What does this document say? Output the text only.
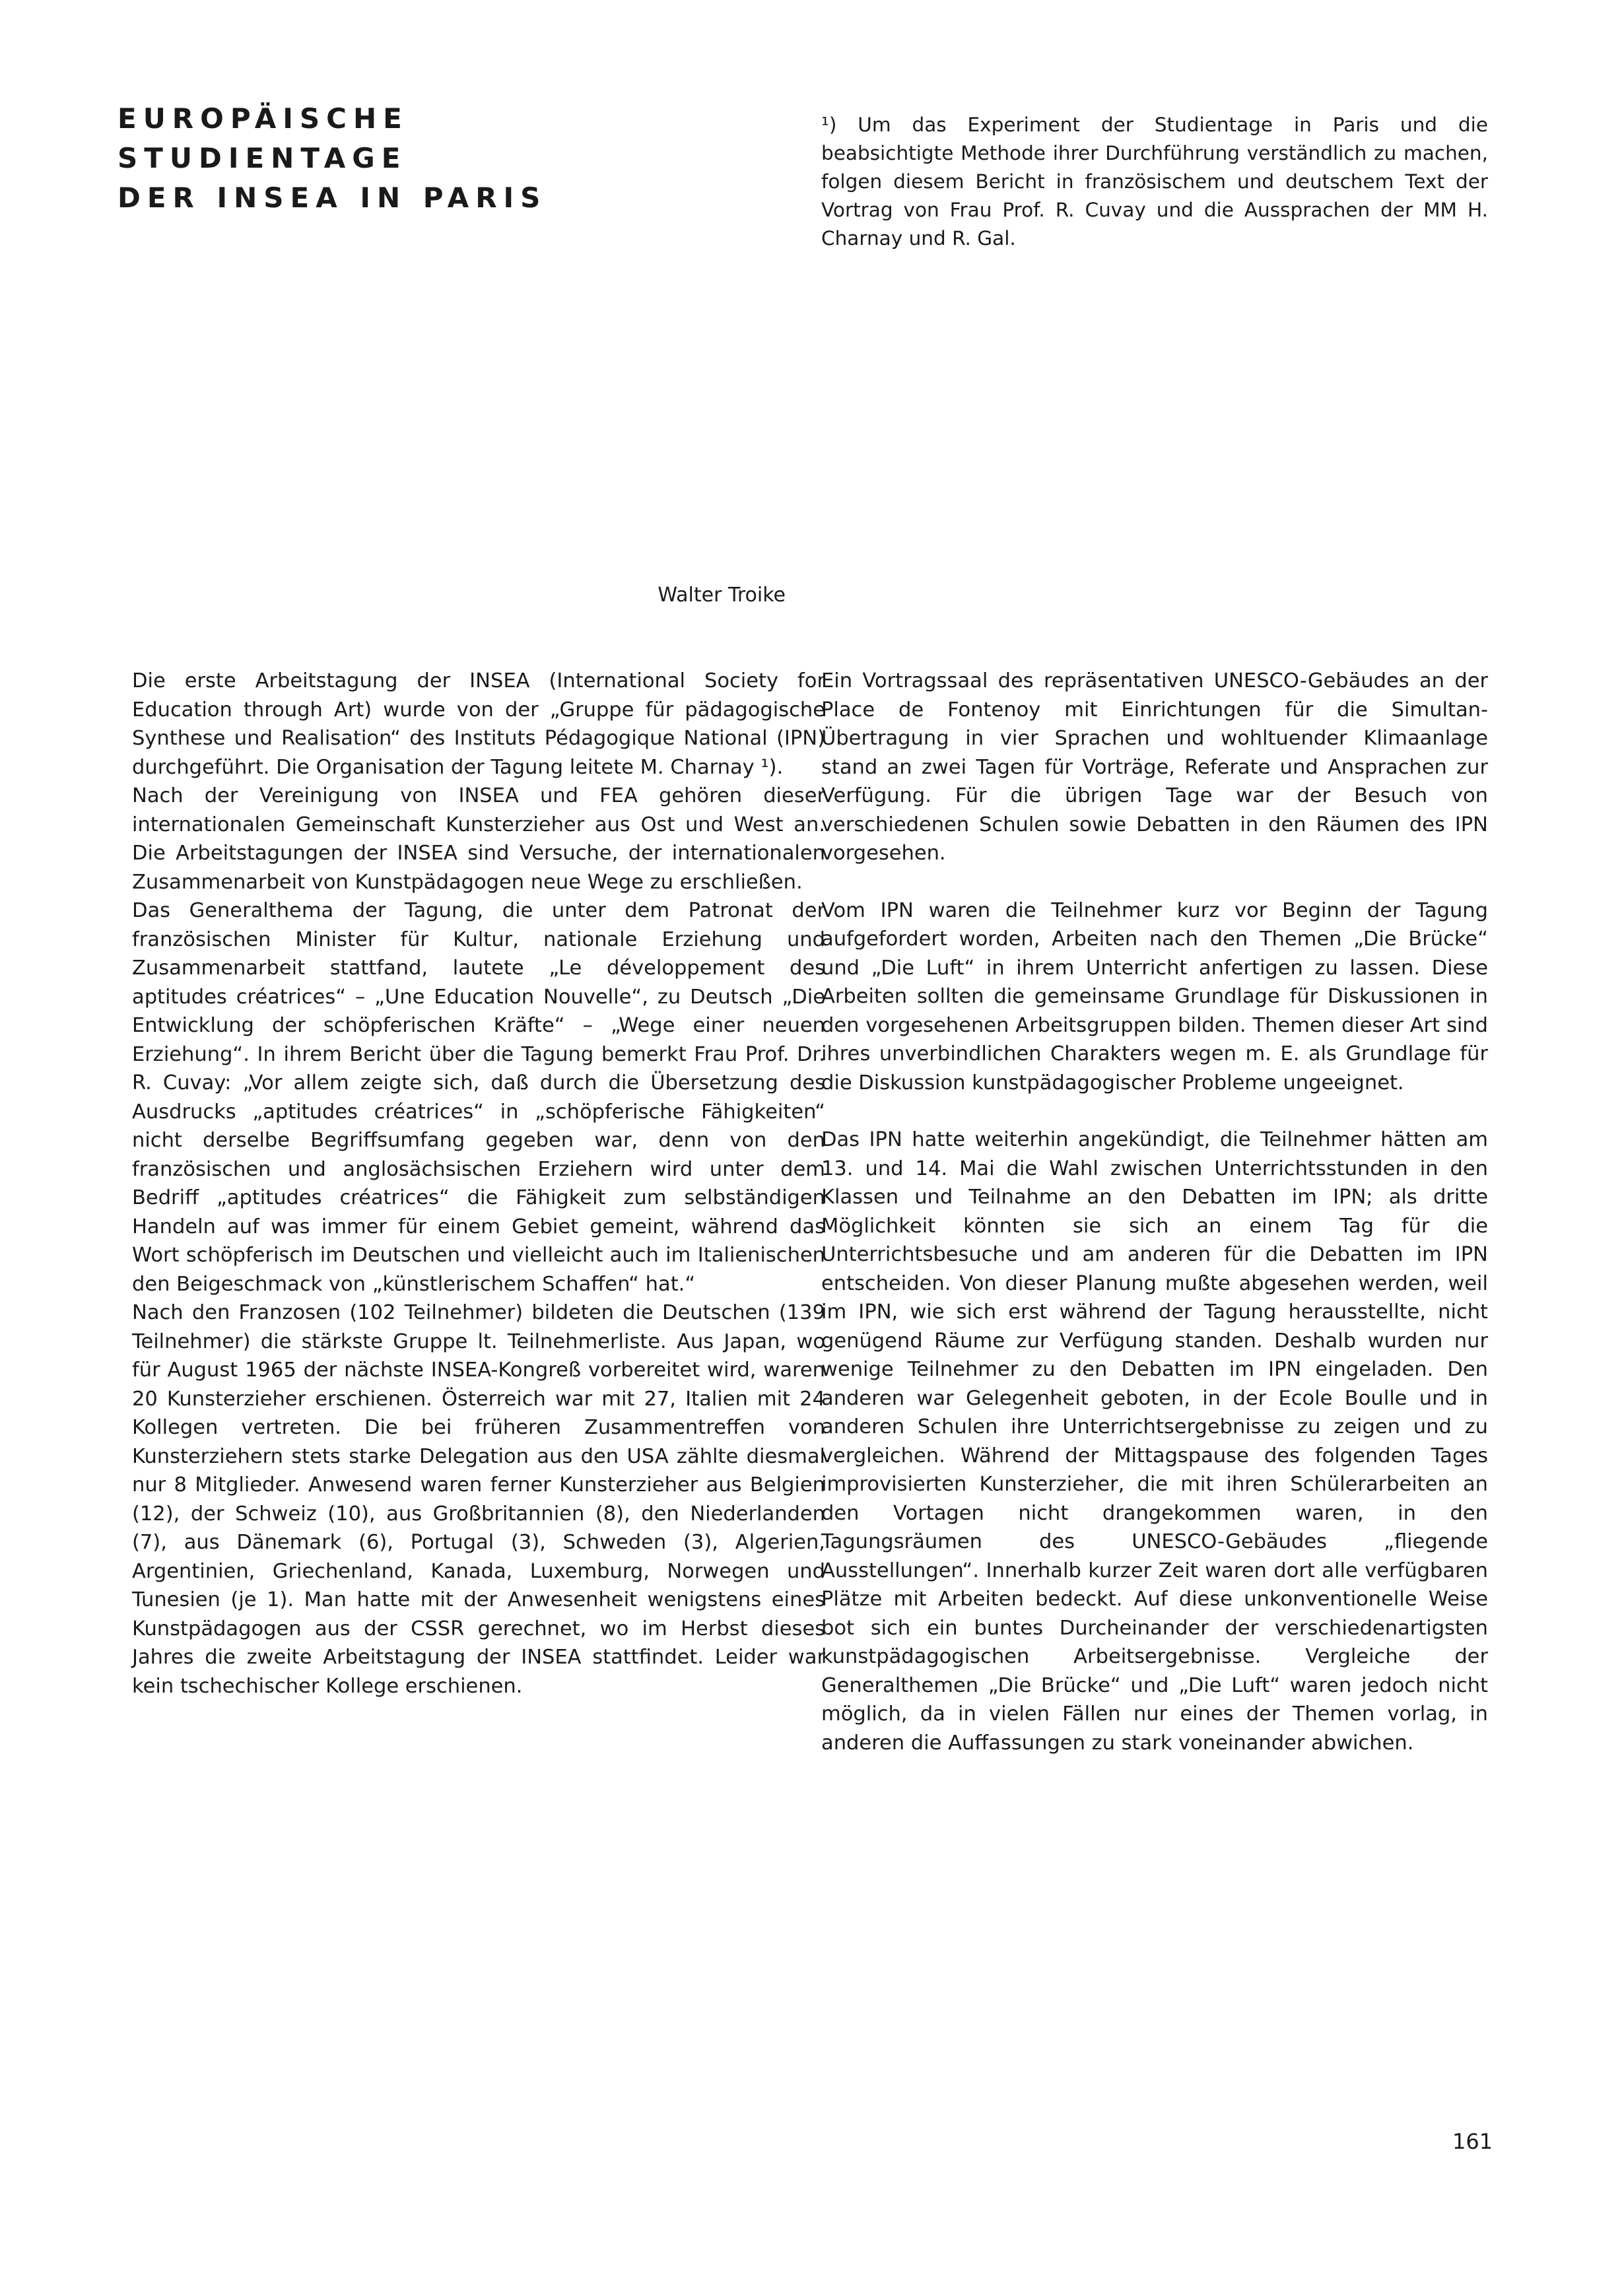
EUROPÄISCHE STUDIENTAGE
DER INSEA IN PARIS

¹) Um das Experiment der Studientage in Paris und die beabsichtigte Methode ihrer Durchführung verständlich zu machen, folgen diesem Bericht in französischem und deutschem Text der Vortrag von Frau Prof. R. Cuvay und die Aussprachen der MM H. Charnay und R. Gal.

Walter Troike

Die erste Arbeitstagung der INSEA (International Society for Education through Art) wurde von der „Gruppe für pädagogische Synthese und Realisation“ des Instituts Pédagogique National (IPN) durchgeführt. Die Organisation der Tagung leitete M. Charnay ¹).

Nach der Vereinigung von INSEA und FEA gehören dieser internationalen Gemeinschaft Kunsterzieher aus Ost und West an. Die Arbeitstagungen der INSEA sind Versuche, der internationalen Zusammenarbeit von Kunstpädagogen neue Wege zu erschließen.

Das Generalthema der Tagung, die unter dem Patronat der französischen Minister für Kultur, nationale Erziehung und Zusammenarbeit stattfand, lautete „Le développement des aptitudes créatrices“ – „Une Education Nouvelle“, zu Deutsch „Die Entwicklung der schöpferischen Kräfte“ – „Wege einer neuen Erziehung“. In ihrem Bericht über die Tagung bemerkt Frau Prof. Dr. R. Cuvay: „Vor allem zeigte sich, daß durch die Übersetzung des Ausdrucks „aptitudes créatrices“ in „schöpferische Fähigkeiten“ nicht derselbe Begriffsumfang gegeben war, denn von den französischen und anglosächsischen Erziehern wird unter dem Bedriff „aptitudes créatrices“ die Fähigkeit zum selbständigen Handeln auf was immer für einem Gebiet gemeint, während das Wort schöpferisch im Deutschen und vielleicht auch im Italienischen den Beigeschmack von „künstlerischem Schaffen“ hat.“

Nach den Franzosen (102 Teilnehmer) bildeten die Deutschen (139 Teilnehmer) die stärkste Gruppe lt. Teilnehmerliste. Aus Japan, wo für August 1965 der nächste INSEA-Kongreß vorbereitet wird, waren 20 Kunsterzieher erschienen. Österreich war mit 27, Italien mit 24 Kollegen vertreten. Die bei früheren Zusammentreffen von Kunsterziehern stets starke Delegation aus den USA zählte diesmal nur 8 Mitglieder. Anwesend waren ferner Kunsterzieher aus Belgien (12), der Schweiz (10), aus Großbritannien (8), den Niederlanden (7), aus Dänemark (6), Portugal (3), Schweden (3), Algerien, Argentinien, Griechenland, Kanada, Luxemburg, Norwegen und Tunesien (je 1). Man hatte mit der Anwesenheit wenigstens eines Kunstpädagogen aus der CSSR gerechnet, wo im Herbst dieses Jahres die zweite Arbeitstagung der INSEA stattfindet. Leider war kein tschechischer Kollege erschienen.

Ein Vortragssaal des repräsentativen UNESCO-Gebäudes an der Place de Fontenoy mit Einrichtungen für die Simultan-Übertragung in vier Sprachen und wohltuender Klimaanlage stand an zwei Tagen für Vorträge, Referate und Ansprachen zur Verfügung. Für die übrigen Tage war der Besuch von verschiedenen Schulen sowie Debatten in den Räumen des IPN vorgesehen.

Vom IPN waren die Teilnehmer kurz vor Beginn der Tagung aufgefordert worden, Arbeiten nach den Themen „Die Brücke“ und „Die Luft“ in ihrem Unterricht anfertigen zu lassen. Diese Arbeiten sollten die gemeinsame Grundlage für Diskussionen in den vorgesehenen Arbeitsgruppen bilden. Themen dieser Art sind ihres unverbindlichen Charakters wegen m. E. als Grundlage für die Diskussion kunstpädagogischer Probleme ungeeignet.

Das IPN hatte weiterhin angekündigt, die Teilnehmer hätten am 13. und 14. Mai die Wahl zwischen Unterrichtsstunden in den Klassen und Teilnahme an den Debatten im IPN; als dritte Möglichkeit könnten sie sich an einem Tag für die Unterrichtsbesuche und am anderen für die Debatten im IPN entscheiden. Von dieser Planung mußte abgesehen werden, weil im IPN, wie sich erst während der Tagung herausstellte, nicht genügend Räume zur Verfügung standen. Deshalb wurden nur wenige Teilnehmer zu den Debatten im IPN eingeladen. Den anderen war Gelegenheit geboten, in der Ecole Boulle und in anderen Schulen ihre Unterrichtsergebnisse zu zeigen und zu vergleichen. Während der Mittagspause des folgenden Tages improvisierten Kunsterzieher, die mit ihren Schülerarbeiten an den Vortagen nicht drangekommen waren, in den Tagungsräumen des UNESCO-Gebäudes „fliegende Ausstellungen“. Innerhalb kurzer Zeit waren dort alle verfügbaren Plätze mit Arbeiten bedeckt. Auf diese unkonventionelle Weise bot sich ein buntes Durcheinander der verschiedenartigsten kunstpädagogischen Arbeitsergebnisse. Vergleiche der Generalthemen „Die Brücke“ und „Die Luft“ waren jedoch nicht möglich, da in vielen Fällen nur eines der Themen vorlag, in anderen die Auffassungen zu stark voneinander abwichen.

161
